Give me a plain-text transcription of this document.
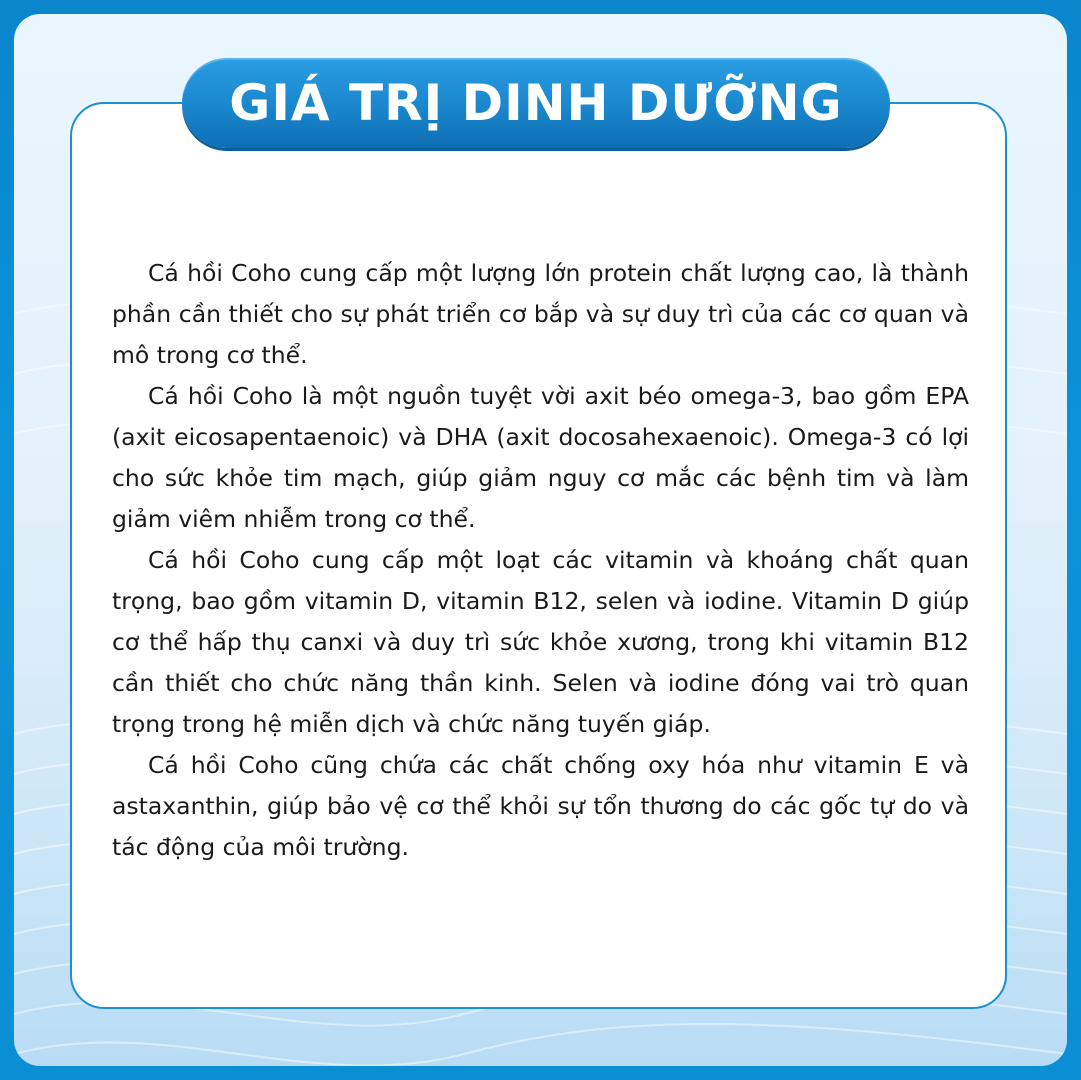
GIÁ TRỊ DINH DƯỠNG

Cá hồi Coho cung cấp một lượng lớn protein chất lượng cao, là thành phần cần thiết cho sự phát triển cơ bắp và sự duy trì của các cơ quan và mô trong cơ thể.

Cá hồi Coho là một nguồn tuyệt vời axit béo omega-3, bao gồm EPA (axit eicosapentaenoic) và DHA (axit docosahexaenoic). Omega-3 có lợi cho sức khỏe tim mạch, giúp giảm nguy cơ mắc các bệnh tim và làm giảm viêm nhiễm trong cơ thể.

Cá hồi Coho cung cấp một loạt các vitamin và khoáng chất quan trọng, bao gồm vitamin D, vitamin B12, selen và iodine. Vitamin D giúp cơ thể hấp thụ canxi và duy trì sức khỏe xương, trong khi vitamin B12 cần thiết cho chức năng thần kinh. Selen và iodine đóng vai trò quan trọng trong hệ miễn dịch và chức năng tuyến giáp.

Cá hồi Coho cũng chứa các chất chống oxy hóa như vitamin E và astaxanthin, giúp bảo vệ cơ thể khỏi sự tổn thương do các gốc tự do và tác động của môi trường.
